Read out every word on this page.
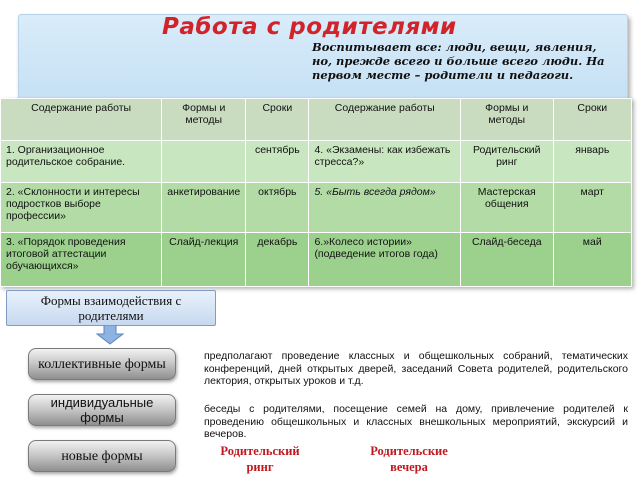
Работа с родителями

Воспитывает все: люди, вещи, явления, но, прежде всего и больше всего люди. На первом месте – родители и педагоги.

Содержание работы	Формы и методы	Сроки	Содержание работы	Формы и методы	Сроки
1. Организационное родительское собрание.		сентябрь	4. «Экзамены: как избежать стресса?»	Родительский ринг	январь
2. «Склонности и интересы подростков выборе профессии»	анкетирование	октябрь	5. «Быть всегда рядом»	Мастерская общения	март
3. «Порядок проведения итоговой аттестации обучающихся»	Слайд-лекция	декабрь	6.»Колесо истории» (подведение итогов года)	Слайд-беседа	май
Формы взаимодействия с родителями
коллективные формы
индивидуальные формы
новые формы

предполагают проведение классных и общешкольных собраний, тематических конференций, дней открытых дверей, заседаний Совета родителей, родительского лектория, открытых уроков и т.д.

беседы с родителями, посещение семей на дому, привлечение родителей к проведению общешкольных и классных внешкольных мероприятий, экскурсий и вечеров.

Родительский ринг

Родительские вечера
